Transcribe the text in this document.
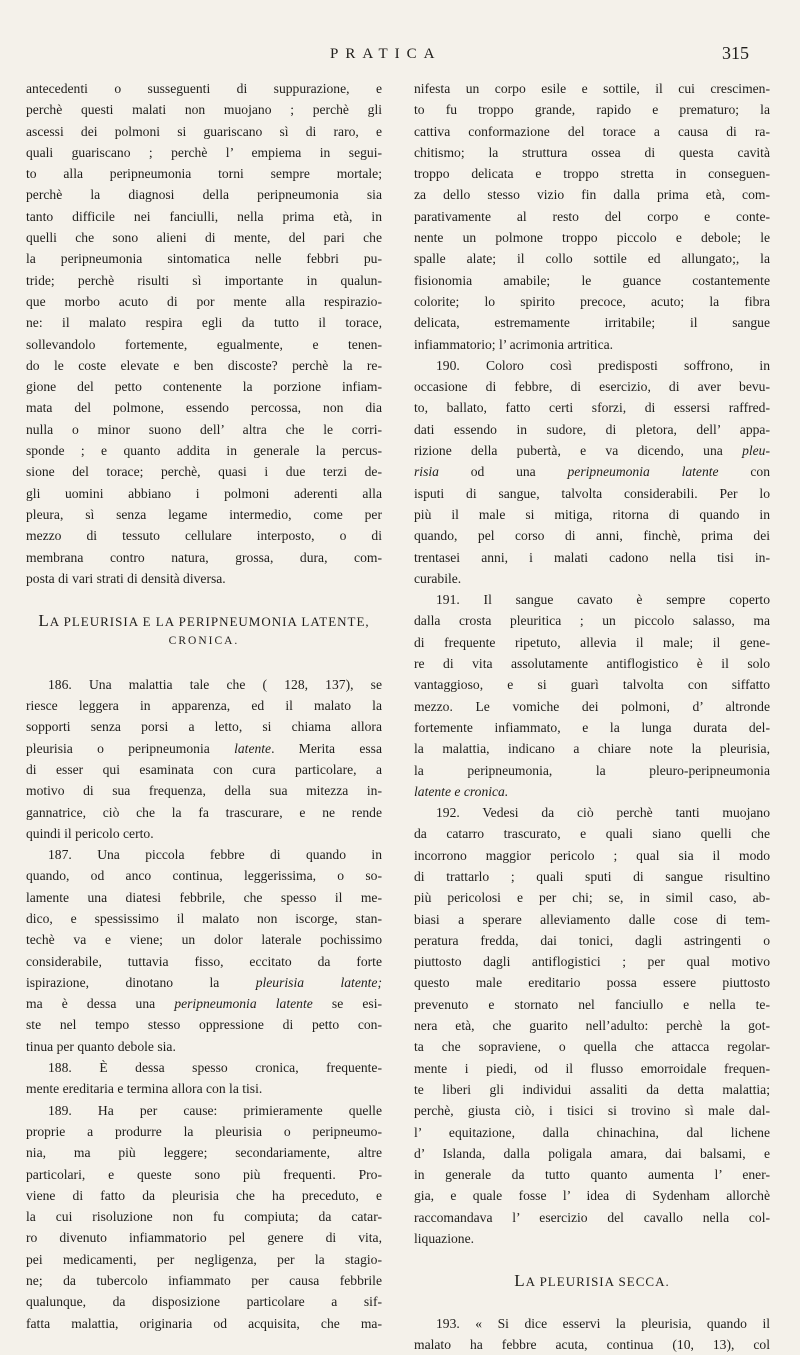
PRATICA	315
antecedenti o susseguenti di suppurazione, e
perchè questi malati non muojano ; perchè gli
ascessi dei polmoni si guariscano sì di raro, e
quali guariscano ; perchè l’ empiema in segui-
to alla peripneumonia torni sempre mortale;
perchè la diagnosi della peripneumonia sia
tanto difficile nei fanciulli, nella prima età, in
quelli che sono alieni di mente, del pari che
la peripneumonia sintomatica nelle febbri pu-
tride; perchè risulti sì importante in qualun-
que morbo acuto di por mente alla respirazio-
ne: il malato respira egli da tutto il torace,
sollevandolo fortemente, egualmente, e tenen-
do le coste elevate e ben discoste? perchè la re-
gione del petto contenente la porzione infiam-
mata del polmone, essendo percossa, non dia
nulla o minor suono dell’ altra che le corri-
sponde ; e quanto addita in generale la percus-
sione del torace; perchè, quasi i due terzi de-
gli uomini abbiano i polmoni aderenti alla
pleura, sì senza legame intermedio, come per
mezzo di tessuto cellulare interposto, o di
membrana contro natura, grossa, dura, com-
posta di vari strati di densità diversa.
LA PLEURISIA E LA PERIPNEUMONIA LATENTE,
CRONICA.
186. Una malattia tale che ( 128, 137), se
riesce leggera in apparenza, ed il malato la
sopporti senza porsi a letto, si chiama allora
pleurisia o peripneumonia latente. Merita essa
di esser qui esaminata con cura particolare, a
motivo di sua frequenza, della sua mitezza in-
gannatrice, ciò che la fa trascurare, e ne rende
quindi il pericolo certo.
187. Una piccola febbre di quando in
quando, od anco continua, leggerissima, o so-
lamente una diatesi febbrile, che spesso il me-
dico, e spessissimo il malato non iscorge, stan-
techè va e viene; un dolor laterale pochissimo
considerabile, tuttavia fisso, eccitato da forte
ispirazione, dinotano la pleurisia latente;
ma è dessa una peripneumonia latente se esi-
ste nel tempo stesso oppressione di petto con-
tinua per quanto debole sia.
188. È dessa spesso cronica, frequente-
mente ereditaria e termina allora con la tisi.
189. Ha per cause: primieramente quelle
proprie a produrre la pleurisia o peripneumo-
nia, ma più leggere; secondariamente, altre
particolari, e queste sono più frequenti. Pro-
viene di fatto da pleurisia che ha preceduto, e
la cui risoluzione non fu compiuta; da catar-
ro divenuto infiammatorio pel genere di vita,
pei medicamenti, per negligenza, per la stagio-
ne; da tubercolo infiammato per causa febbrile
qualunque, da disposizione particolare a sif-
fatta malattia, originaria od acquisita, che ma-
nifesta un corpo esile e sottile, il cui crescimen-
to fu troppo grande, rapido e prematuro; la
cattiva conformazione del torace a causa di ra-
chitismo; la struttura ossea di questa cavità
troppo delicata e troppo stretta in conseguen-
za dello stesso vizio fin dalla prima età, com-
parativamente al resto del corpo e conte-
nente un polmone troppo piccolo e debole; le
spalle alate; il collo sottile ed allungato;, la
fisionomia amabile; le guance costantemente
colorite; lo spirito precoce, acuto; la fibra
delicata, estremamente irritabile; il sangue
infiammatorio; l’ acrimonia artritica.
190. Coloro così predisposti soffrono, in
occasione di febbre, di esercizio, di aver bevu-
to, ballato, fatto certi sforzi, di essersi raffred-
dati essendo in sudore, di pletora, dell’ appa-
rizione della pubertà, e va dicendo, una pleu-
risia od una peripneumonia latente con
isputi di sangue, talvolta considerabili. Per lo
più il male si mitiga, ritorna di quando in
quando, pel corso di anni, finchè, prima dei
trentasei anni, i malati cadono nella tisi in-
curabile.
191. Il sangue cavato è sempre coperto
dalla crosta pleuritica ; un piccolo salasso, ma
di frequente ripetuto, allevia il male; il gene-
re di vita assolutamente antiflogistico è il solo
vantaggioso, e si guarì talvolta con siffatto
mezzo. Le vomiche dei polmoni, d’ altronde
fortemente infiammato, e la lunga durata del-
la malattia, indicano a chiare note la pleurisia,
la peripneumonia, la pleuro-peripneumonia
latente e cronica.
192. Vedesi da ciò perchè tanti muojano
da catarro trascurato, e quali siano quelli che
incorrono maggior pericolo ; qual sia il modo
di trattarlo ; quali sputi di sangue risultino
più pericolosi e per chi; se, in simil caso, ab-
biasi a sperare alleviamento dalle cose di tem-
peratura fredda, dai tonici, dagli astringenti o
piuttosto dagli antiflogistici ; per qual motivo
questo male ereditario possa essere piuttosto
prevenuto e stornato nel fanciullo e nella te-
nera età, che guarito nell’adulto: perchè la got-
ta che sopraviene, o quella che attacca regolar-
mente i piedi, od il flusso emorroidale frequen-
te liberi gli individui assaliti da detta malattia;
perchè, giusta ciò, i tisici si trovino sì male dal-
l’ equitazione, dalla chinachina, dal lichene
d’ Islanda, dalla poligala amara, dai balsami, e
in generale da tutto quanto aumenta l’ ener-
gia, e quale fosse l’ idea di Sydenham allorchè
raccomandava l’ esercizio del cavallo nella col-
liquazione.
LA PLEURISIA SECCA.
193. « Si dice esservi la pleurisia, quando il
malato ha febbre acuta, continua (10, 13), col
